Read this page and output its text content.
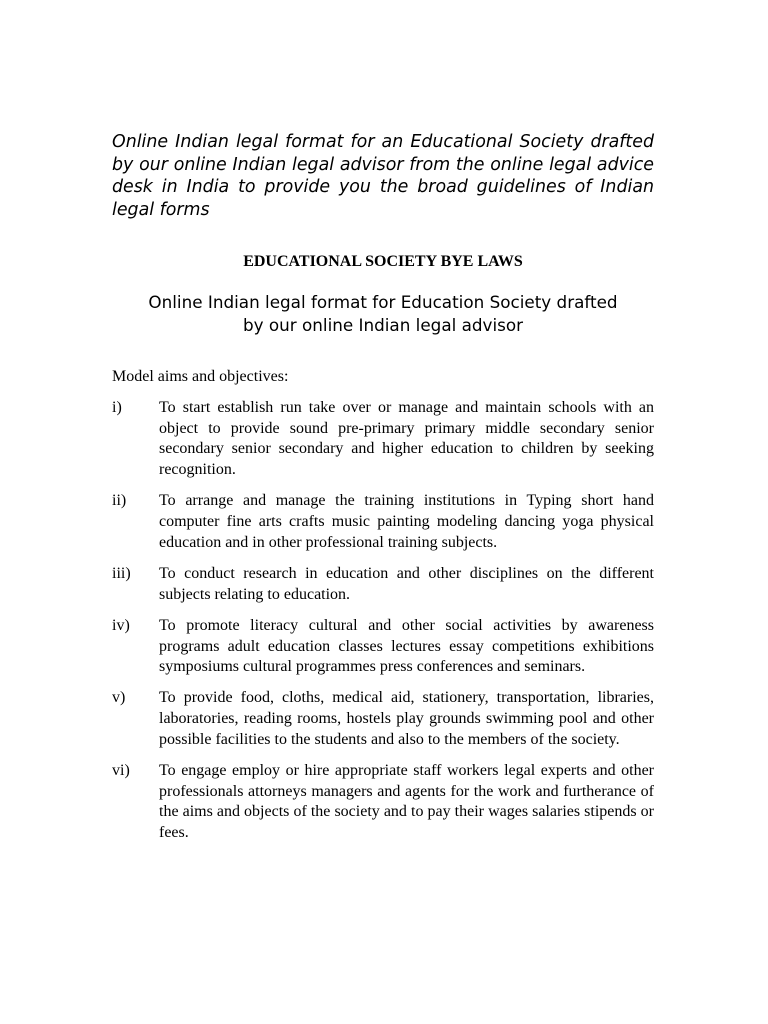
Online Indian legal format for an Educational Society drafted by our online Indian legal advisor from the online legal advice desk in India to provide you the broad guidelines of Indian legal forms

EDUCATIONAL SOCIETY BYE LAWS
Online Indian legal format for Education Society drafted
by our online Indian legal advisor
Model aims and objectives:
i)	To start establish run take over or manage and maintain schools with an object to provide sound pre-primary primary middle secondary senior secondary senior secondary and higher education to children by seeking recognition.
ii)	To arrange and manage the training institutions in Typing short hand computer fine arts crafts music painting modeling dancing yoga physical education and in other professional training subjects.
iii)	To conduct research in education and other disciplines on the different subjects relating to education.
iv)	To promote literacy cultural and other social activities by awareness programs adult education classes lectures essay competitions exhibitions symposiums cultural programmes press conferences and seminars.
v)	To provide food, cloths, medical aid, stationery, transportation, libraries, laboratories, reading rooms, hostels play grounds swimming pool and other possible facilities to the students and also to the members of the society.
vi)	To engage employ or hire appropriate staff workers legal experts and other professionals attorneys managers and agents for the work and furtherance of the aims and objects of the society and to pay their wages salaries stipends or fees.
